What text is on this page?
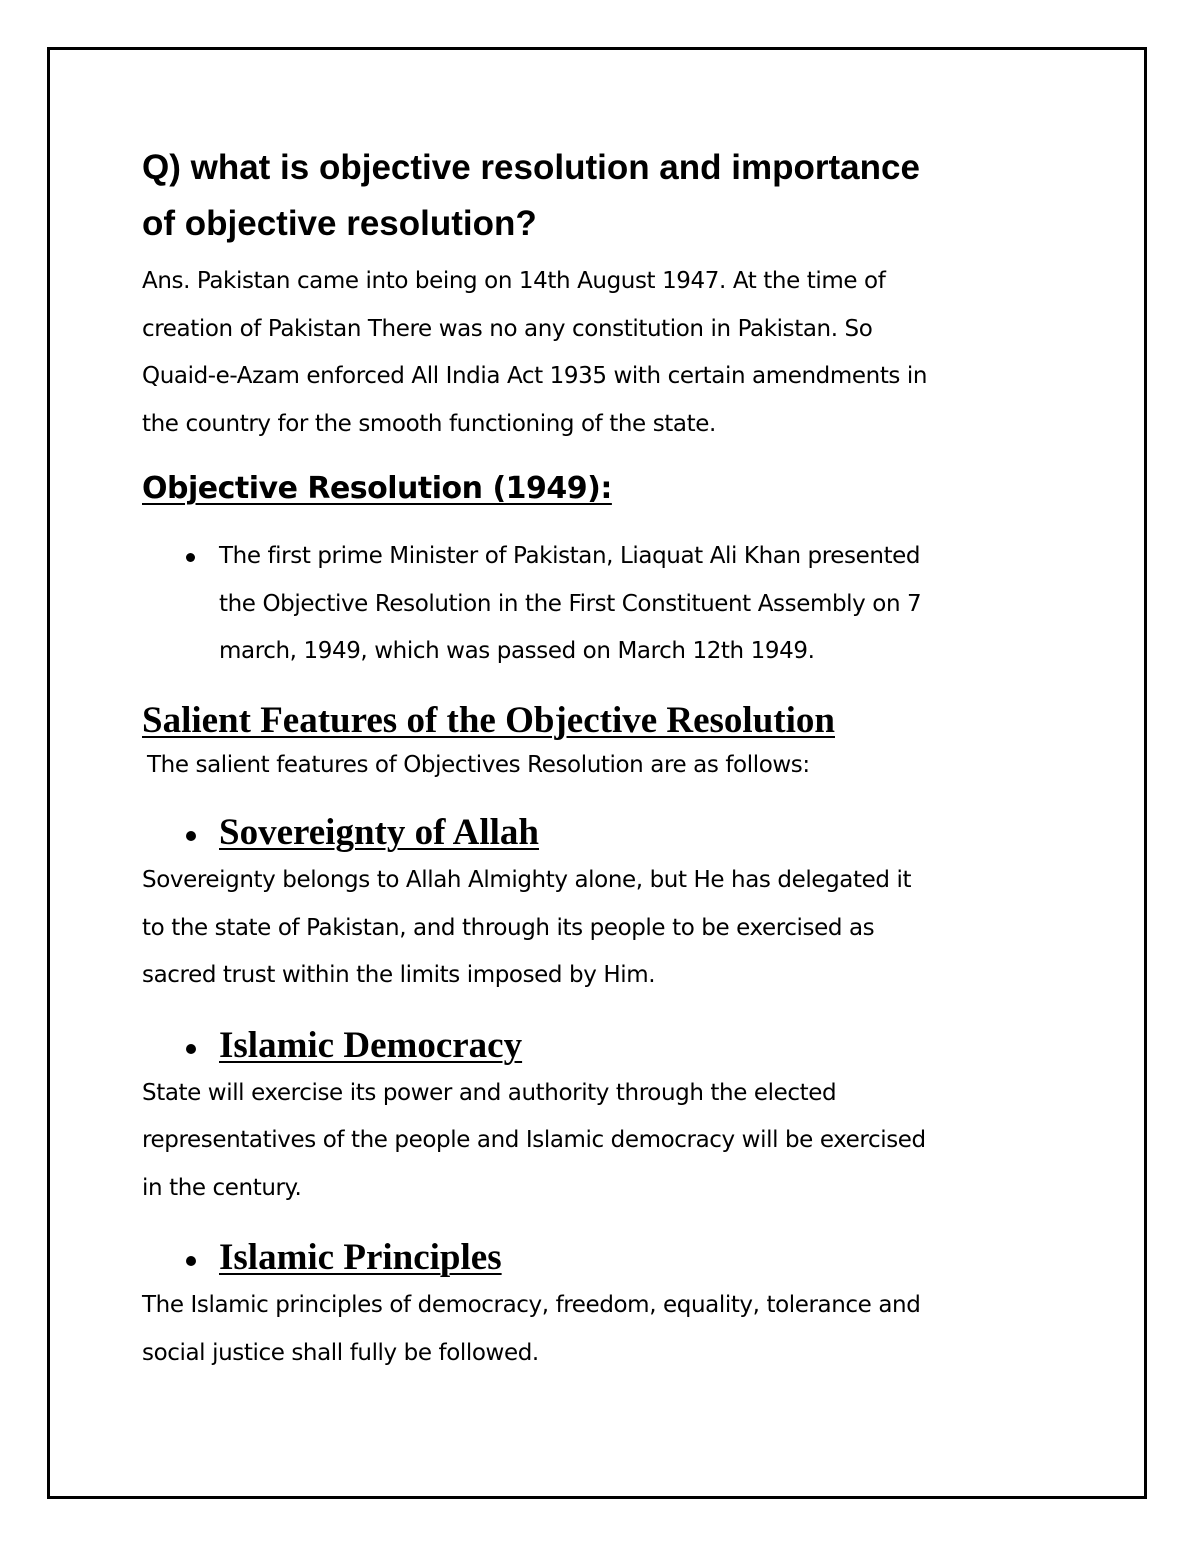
Q) what is objective resolution and importance
of objective resolution?

Ans. Pakistan came into being on 14th August 1947. At the time of
creation of Pakistan There was no any constitution in Pakistan. So
Quaid-e-Azam enforced All India Act 1935 with certain amendments in
the country for the smooth functioning of the state.

Objective Resolution (1949):
The first prime Minister of Pakistan, Liaquat Ali Khan presented
the Objective Resolution in the First Constituent Assembly on 7
march, 1949, which was passed on March 12th 1949.
Salient Features of the Objective Resolution

The salient features of Objectives Resolution are as follows:

Sovereignty of Allah

Sovereignty belongs to Allah Almighty alone, but He has delegated it
to the state of Pakistan, and through its people to be exercised as
sacred trust within the limits imposed by Him.

Islamic Democracy

State will exercise its power and authority through the elected
representatives of the people and Islamic democracy will be exercised
in the century.

Islamic Principles

The Islamic principles of democracy, freedom, equality, tolerance and
social justice shall fully be followed.
